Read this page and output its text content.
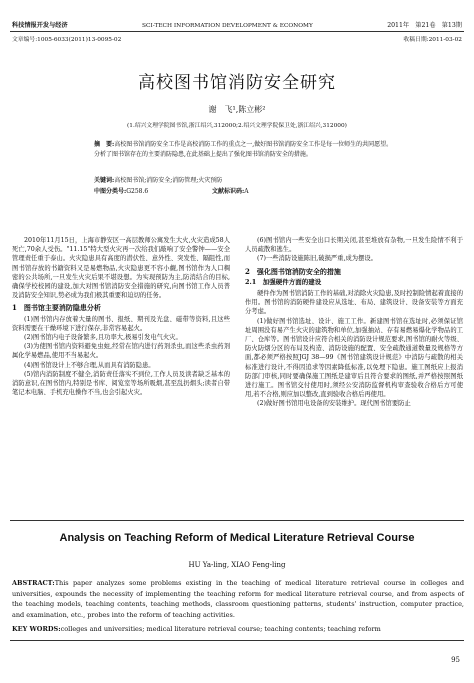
科技情报开发与经济	SCI-TECH INFORMATION DEVELOPMENT & ECONOMY	2011年　第21卷　第13期
文章编号:1005-6033(2011)13-0095-02	收稿日期:2011-03-02
高校图书馆消防安全研究
谢　飞¹,陈立彬²
(1.绍兴文理学院图书馆,浙江绍兴,312000;2.绍兴文理学院保卫处,浙江绍兴,312000)
摘　要:高校图书馆消防安全工作是高校消防工作的重点之一,做好图书馆消防安全工作是每一位师生的共同愿望。分析了图书馆存在的主要消防隐患,在此基础上提出了强化图书馆消防安全的措施。
关键词:高校图书馆;消防安全;消防管理;火灾预防
中图分类号:G258.6	文献标识码:A

2010年11月15日，上海市静安区一高层教师公寓发生大火,火灾造成58人死亡,70余人受伤。"11.15"特大型火灾再一次给我们敲响了安全警钟——安全管理责任重于泰山。火灾隐患具有高度的潜伏性、意外性、突发性、隔阻性,而图书馆存放的书籍资料又是易燃物品,火灾隐患更不容小觑,图书馆作为人口稠密的公共场所,一旦发生火灾后果不堪设想。为实现预防为主,防消结合的目标,确保学校校园的建设,加大对图书馆消防安全措施的研究,向图书馆工作人员普及消防安全知识,势必成为我们极其重要和迫切的任务。

1　图书馆主要消防隐患分析

(1)图书馆内存放着大量的图书、报纸、期刊及光盘、磁带等资料,且这些资料需要在干燥环境下进行保存,非常容易起火。

(2)图书馆内电子设备繁多,且功率大,极易引发电气火灾。

(3)为使图书馆内资料避免虫蛀,经常在馆内进行药剂杀虫,而这些杀虫药剂属化学易燃品,使用不当易起火。

(4)图书馆设计上不够合理,从而具有消防隐患。

(5)馆内消防制度不健全,消防责任落实不到位,工作人员及读者缺乏基本的消防意识,在图书馆内,特别是书库、阅览室等场所吸烟,甚至乱扔烟头;读者自带笔记本电脑、手机充电操作不当,也会引起火灾。

(6)图书馆内一些安全出口长期关闭,甚至堆放有杂物,一旦发生险情不利于人员疏散和逃生。

(7)一些消防设施陈旧,破损严重,成为摆设。

2　强化图书馆消防安全的措施
2.1　加强硬件方面的建设

硬件作为图书馆消防工作的基础,对消除火灾隐患,及时控制险情起着直接的作用。图书馆的消防硬件建设应从选址、布局、建筑设计、设备安装等方面充分考虑。

(1)做好图书馆选址、设计、施工工作。新建图书馆在选址时,必须保证馆址周围没有易产生火灾的建筑物和单位,加强抽站、存有易燃易爆化学物品的工厂、仓库等。图书馆设计应符合相关的消防设计规范要求,图书馆的耐火等级、防火防烟分区的布局及构造、消防设施的配置、安全疏散通道数量及规格等方面,都必须严格按照JGJ 38—99《图书馆建筑设计规范》中消防与疏散的相关标准进行设计,不得因追求等因素降低标准,以免埋下隐患。施工图纸应上报消防部门审核,同时要确保施工图纸是建审后且符合要求的图纸,并严格按照图纸进行施工。图书馆交付使用时,须经公安消防监督机构审查验收合格后方可使用,若不合格,则应加以整改,直到验收合格后再使用。

(2)做好图书馆用电设备的安装维护。现代图书馆要防止

Analysis on Teaching Reform of Medical Literature Retrieval Course
HU Ya-ling, XIAO Feng-ling
ABSTRACT:This paper analyzes some problems existing in the teaching of medical literature retrieval course in colleges and universities, expounds the necessity of implementing the teaching reform for medical literature retrieval course, and from aspects of the teaching models, teaching contents, teaching methods, classroom questioning patterns, students' instruction, computer practice, and examination, etc., probes into the reform of teaching activities.
KEY WORDS:colleges and universities; medical literature retrieval course; teaching contents; teaching reform
95
